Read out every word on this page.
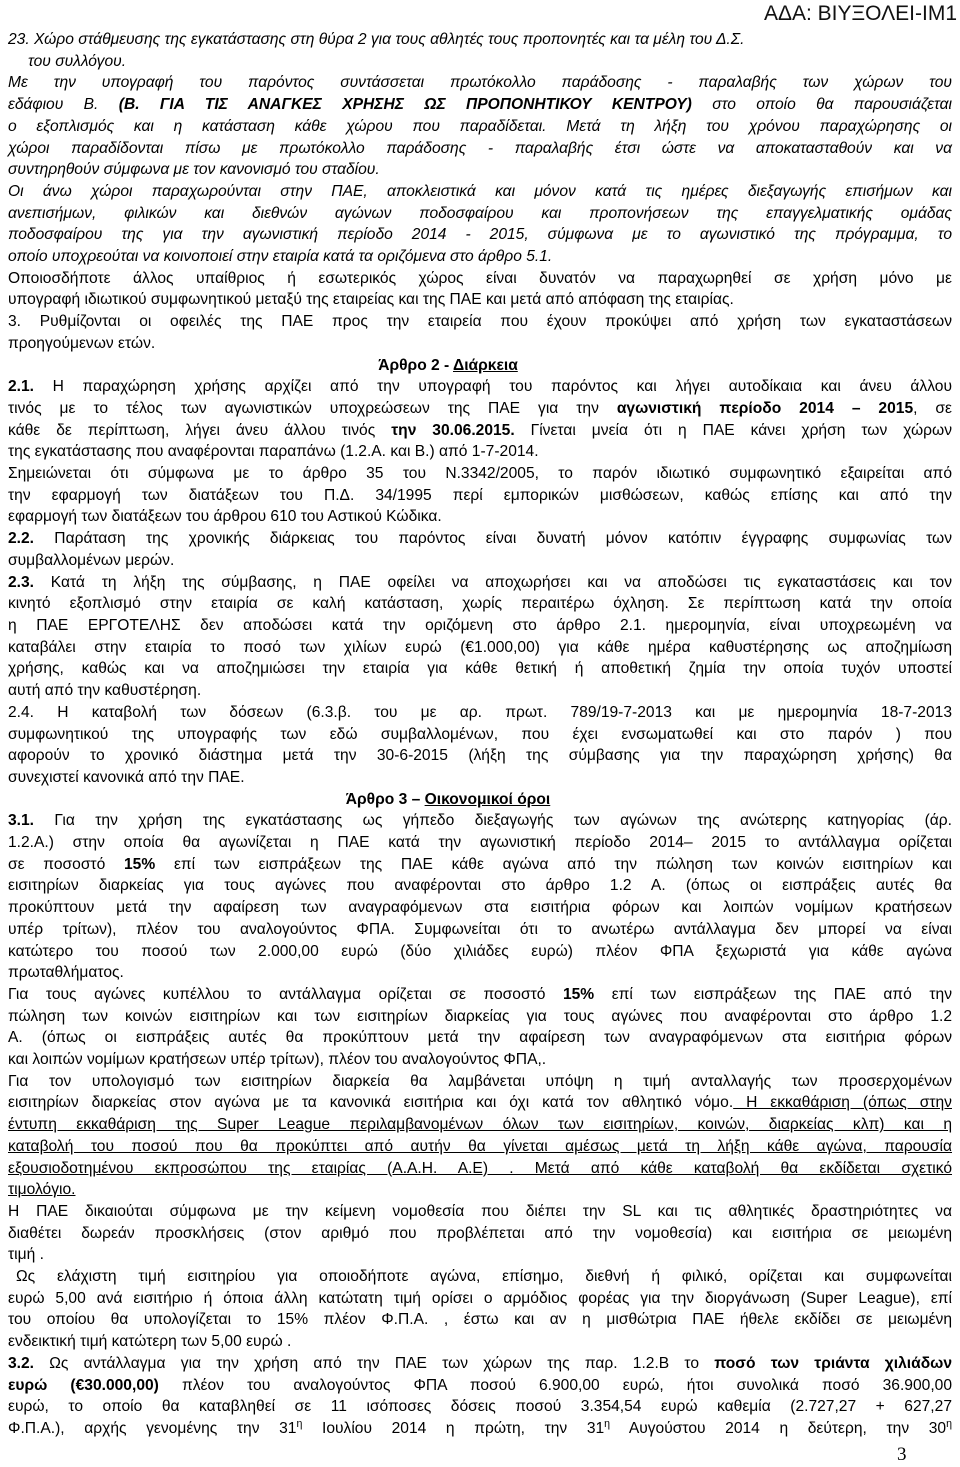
ΑΔΑ: ΒΙΥΞΟΛΕΙ-ΙΜ1
23. Χώρο στάθμευσης της εγκατάστασης στη θύρα 2 για τους αθλητές τους προπονητές και τα μέλη του Δ.Σ.
του συλλόγου.
Με την υπογραφή του παρόντος συντάσσεται πρωτόκολλο παράδοσης - παραλαβής των χώρων του
εδάφιου Β. (Β. ΓΙΑ ΤΙΣ ΑΝΑΓΚΕΣ ΧΡΗΣΗΣ ΩΣ ΠΡΟΠΟΝΗΤΙΚΟΥ ΚΕΝΤΡΟΥ) στο οποίο θα παρουσιάζεται
ο εξοπλισμός και η κατάσταση κάθε χώρου που παραδίδεται. Μετά τη λήξη του χρόνου παραχώρησης οι
χώροι παραδίδονται πίσω με πρωτόκολλο παράδοσης - παραλαβής έτσι ώστε να αποκατασταθούν και να
συντηρηθούν σύμφωνα με τον κανονισμό του σταδίου.
Οι άνω χώροι παραχωρούνται στην ΠΑΕ, αποκλειστικά και μόνον κατά τις ημέρες διεξαγωγής επισήμων και
ανεπισήμων, φιλικών και διεθνών αγώνων ποδοσφαίρου και προπονήσεων της επαγγελματικής ομάδας
ποδοσφαίρου της για την αγωνιστική περίοδο 2014 - 2015, σύμφωνα με το αγωνιστικό της πρόγραμμα, το
οποίο υποχρεούται να κοινοποιεί στην εταιρία κατά τα οριζόμενα στο άρθρο 5.1.
Οποιοσδήποτε άλλος υπαίθριος ή εσωτερικός χώρος είναι δυνατόν να παραχωρηθεί σε χρήση μόνο με
υπογραφή ιδιωτικού συμφωνητικού μεταξύ της εταιρείας και της ΠΑΕ και μετά από απόφαση της εταιρίας.
3. Ρυθμίζονται οι οφειλές της ΠΑΕ προς την εταιρεία που έχουν προκύψει από χρήση των εγκαταστάσεων
προηγούμενων ετών.
Άρθρο 2 - Διάρκεια
2.1. Η παραχώρηση χρήσης αρχίζει από την υπογραφή του παρόντος και λήγει αυτοδίκαια και άνευ άλλου
τινός με το τέλος των αγωνιστικών υποχρεώσεων της ΠΑΕ για την αγωνιστική περίοδο 2014 – 2015, σε
κάθε δε περίπτωση, λήγει άνευ άλλου τινός την 30.06.2015. Γίνεται μνεία ότι η ΠΑΕ κάνει χρήση των χώρων
της εγκατάστασης που αναφέρονται παραπάνω (1.2.Α. και Β.) από 1-7-2014.
Σημειώνεται ότι σύμφωνα με το άρθρο 35 του Ν.3342/2005, το παρόν ιδιωτικό συμφωνητικό εξαιρείται από
την εφαρμογή των διατάξεων του Π.Δ. 34/1995 περί εμπορικών μισθώσεων, καθώς επίσης και από την
εφαρμογή των διατάξεων του άρθρου 610 του Αστικού Κώδικα.
2.2. Παράταση της χρονικής διάρκειας του παρόντος είναι δυνατή μόνον κατόπιν έγγραφης συμφωνίας των
συμβαλλομένων μερών.
2.3. Κατά τη λήξη της σύμβασης, η ΠΑΕ οφείλει να αποχωρήσει και να αποδώσει τις εγκαταστάσεις και τον
κινητό εξοπλισμό στην εταιρία σε καλή κατάσταση, χωρίς περαιτέρω όχληση. Σε περίπτωση κατά την οποία
η ΠΑΕ ΕΡΓΟΤΕΛΗΣ δεν αποδώσει κατά την οριζόμενη στο άρθρο 2.1. ημερομηνία, είναι υποχρεωμένη να
καταβάλει στην εταιρία το ποσό των χιλίων ευρώ (€1.000,00) για κάθε ημέρα καθυστέρησης ως αποζημίωση
χρήσης, καθώς και να αποζημιώσει την εταιρία για κάθε θετική ή αποθετική ζημία την οποία τυχόν υποστεί
αυτή από την καθυστέρηση.
2.4. Η καταβολή των δόσεων (6.3.β. του με αρ. πρωτ. 789/19-7-2013 και με ημερομηνία 18-7-2013
συμφωνητικού της υπογραφής των εδώ συμβαλλομένων, που έχει ενσωματωθεί και στο παρόν ) που
αφορούν το χρονικό διάστημα μετά την 30-6-2015 (λήξη της σύμβασης για την παραχώρηση χρήσης) θα
συνεχιστεί κανονικά από την ΠΑΕ.
Άρθρο 3 – Οικονομικοί όροι
3.1. Για την χρήση της εγκατάστασης ως γήπεδο διεξαγωγής των αγώνων της ανώτερης κατηγορίας (άρ.
1.2.Α.) στην οποία θα αγωνίζεται η ΠΑΕ κατά την αγωνιστική περίοδο 2014– 2015 το αντάλλαγμα ορίζεται
σε ποσοστό 15% επί των εισπράξεων της ΠΑΕ κάθε αγώνα από την πώληση των κοινών εισιτηρίων και
εισιτηρίων διαρκείας για τους αγώνες που αναφέρονται στο άρθρο 1.2 Α. (όπως οι εισπράξεις αυτές θα
προκύπτουν μετά την αφαίρεση των αναγραφόμενων στα εισιτήρια φόρων και λοιπών νομίμων κρατήσεων
υπέρ τρίτων), πλέον του αναλογούντος ΦΠΑ. Συμφωνείται ότι το ανωτέρω αντάλλαγμα δεν μπορεί να είναι
κατώτερο του ποσού των 2.000,00 ευρώ (δύο χιλιάδες ευρώ) πλέον ΦΠΑ ξεχωριστά για κάθε αγώνα
πρωταθλήματος.
Για τους αγώνες κυπέλλου το αντάλλαγμα ορίζεται σε ποσοστό 15% επί των εισπράξεων της ΠΑΕ από την
πώληση των κοινών εισιτηρίων και των εισιτηρίων διαρκείας για τους αγώνες που αναφέρονται στο άρθρο 1.2
Α. (όπως οι εισπράξεις αυτές θα προκύπτουν μετά την αφαίρεση των αναγραφόμενων στα εισιτήρια φόρων
και λοιπών νομίμων κρατήσεων υπέρ τρίτων), πλέον του αναλογούντος ΦΠΑ,.
Για τον υπολογισμό των εισιτηρίων διαρκεία θα λαμβάνεται υπόψη η τιμή ανταλλαγής των προσερχομένων
εισιτηρίων διαρκείας στον αγώνα με τα κανονικά εισιτήρια και όχι κατά τον αθλητικό νόμο. Η εκκαθάριση (όπως στην
έντυπη εκκαθάριση της Super League περιλαμβανομένων όλων των εισιτηρίων, κοινών, διαρκείας κλπ) και η
καταβολή του ποσού που θα προκύπτει από αυτήν θα γίνεται αμέσως μετά τη λήξη κάθε αγώνα, παρουσία
εξουσιοδοτημένου εκπροσώπου της εταιρίας (Α.Α.Η. Α.Ε) . Μετά από κάθε καταβολή θα εκδίδεται σχετικό
τιμολόγιο.
Η ΠΑΕ δικαιούται σύμφωνα με την κείμενη νομοθεσία που διέπει την SL και τις αθλητικές δραστηριότητες να
διαθέτει δωρεάν προσκλήσεις (στον αριθμό που προβλέπεται από την νομοθεσία) και εισιτήρια σε μειωμένη
τιμή .
Ως ελάχιστη τιμή εισιτηρίου για οποιοδήποτε αγώνα, επίσημο, διεθνή ή φιλικό, ορίζεται και συμφωνείται
ευρώ 5,00 ανά εισιτήριο ή όποια άλλη κατώτατη τιμή ορίσει ο αρμόδιος φορέας για την διοργάνωση (Super League), επί
του οποίου θα υπολογίζεται το 15% πλέον Φ.Π.Α. , έστω και αν η μισθώτρια ΠΑΕ ήθελε εκδίδει σε μειωμένη
ενδεικτική τιμή κατώτερη των 5,00 ευρώ .
3.2. Ως αντάλλαγμα για την χρήση από την ΠΑΕ των χώρων της παρ. 1.2.Β το ποσό των τριάντα χιλιάδων
ευρώ (€30.000,00) πλέον του αναλογούντος ΦΠΑ ποσού 6.900,00 ευρώ, ήτοι συνολικά ποσό 36.900,00
ευρώ, το οποίο θα καταβληθεί σε 11 ισόποσες δόσεις ποσού 3.354,54 ευρώ καθεμία (2.727,27 + 627,27
Φ.Π.Α.), αρχής γενομένης την $31^\eta$ Ιουλίου 2014 η πρώτη, την $31^\eta$ Αυγούστου 2014 η δεύτερη, την $30^\eta$
3
